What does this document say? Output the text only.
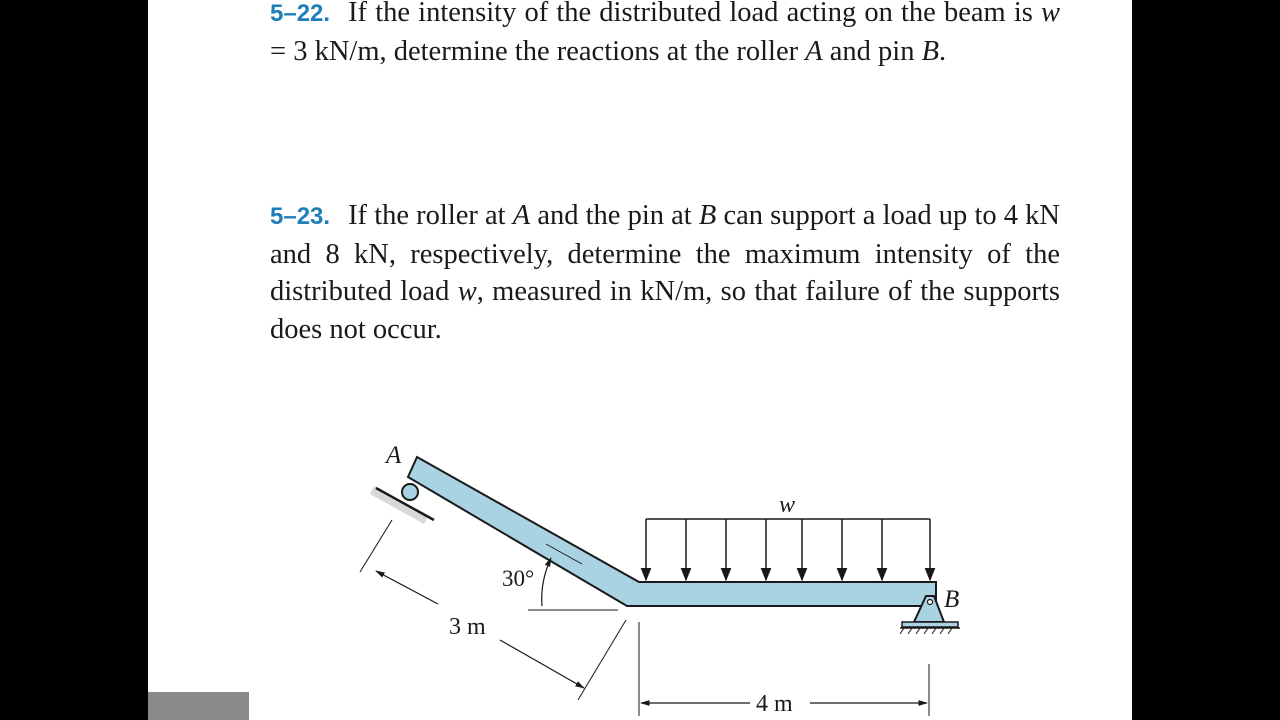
5–22. If the intensity of the distributed load acting on the beam is w = 3 kN/m, determine the reactions at the roller A and pin B.

5–23. If the roller at A and the pin at B can support a load up to 4 kN and 8 kN, respectively, determine the maximum intensity of the distributed load w, measured in kN/m, so that failure of the supports does not occur.

A
B
w
30°
3 m
4 m
